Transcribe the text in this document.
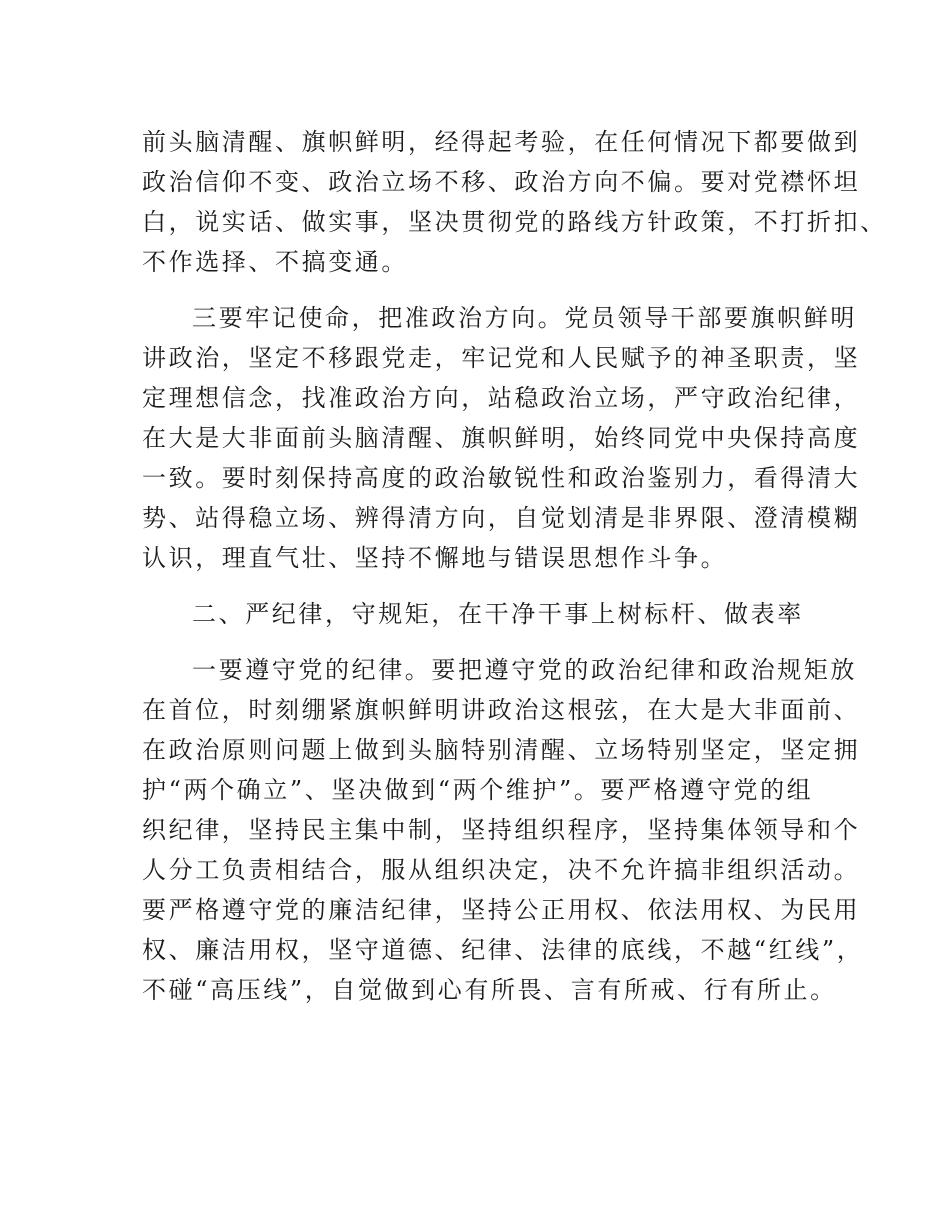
前头脑清醒、旗帜鲜明，经得起考验，在任何情况下都要做到
政治信仰不变、政治立场不移、政治方向不偏。要对党襟怀坦
白，说实话、做实事，坚决贯彻党的路线方针政策，不打折扣、
不作选择、不搞变通。
三要牢记使命，把准政治方向。党员领导干部要旗帜鲜明
讲政治，坚定不移跟党走，牢记党和人民赋予的神圣职责，坚
定理想信念，找准政治方向，站稳政治立场，严守政治纪律，
在大是大非面前头脑清醒、旗帜鲜明，始终同党中央保持高度
一致。要时刻保持高度的政治敏锐性和政治鉴别力，看得清大
势、站得稳立场、辨得清方向，自觉划清是非界限、澄清模糊
认识，理直气壮、坚持不懈地与错误思想作斗争。
二、严纪律，守规矩，在干净干事上树标杆、做表率
一要遵守党的纪律。要把遵守党的政治纪律和政治规矩放
在首位，时刻绷紧旗帜鲜明讲政治这根弦，在大是大非面前、
在政治原则问题上做到头脑特别清醒、立场特别坚定，坚定拥
护“两个确立”、坚决做到“两个维护”。要严格遵守党的组
织纪律，坚持民主集中制，坚持组织程序，坚持集体领导和个
人分工负责相结合，服从组织决定，决不允许搞非组织活动。
要严格遵守党的廉洁纪律，坚持公正用权、依法用权、为民用
权、廉洁用权，坚守道德、纪律、法律的底线，不越“红线”，
不碰“高压线”，自觉做到心有所畏、言有所戒、行有所止。
